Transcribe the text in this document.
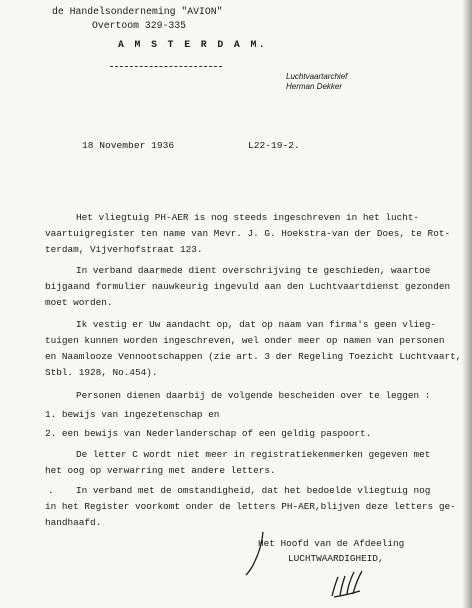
de Handelsonderneming "AVION"
Overtoom 329-335
A M S T E R D A M.
Luchtvaartarchief
Herman Dekker
18 November 1936	L22-19-2.
Het vliegtuig PH-AER is nog steeds ingeschreven in het lucht-
vaartuigregister ten name van Mevr. J. G. Hoekstra-van der Does, te Rot-
terdam, Vijverhofstraat 123.
In verband daarmede dient overschrijving te geschieden, waartoe
bijgaand formulier nauwkeurig ingevuld aan den Luchtvaartdienst gezonden
moet worden.
Ik vestig er Uw aandacht op, dat op naam van firma's geen vlieg-
tuigen kunnen worden ingeschreven, wel onder meer op namen van personen
en Naamlooze Vennootschappen (zie art. 3 der Regeling Toezicht Luchtvaart,
Stbl. 1928, No.454).
Personen dienen daarbij de volgende bescheiden over te leggen :
1. bewijs van ingezetenschap en
2. een bewijs van Nederlanderschap of een geldig paspoort.
De letter C wordt niet meer in registratiekenmerken gegeven met
het oog op verwarring met andere letters.
. In verband met de omstandigheid, dat het bedoelde vliegtuig nog
in het Register voorkomt onder de letters PH-AER,blijven deze letters ge-
handhaafd.
Het Hoofd van de Afdeeling
LUCHTWAARDIGHEID,
